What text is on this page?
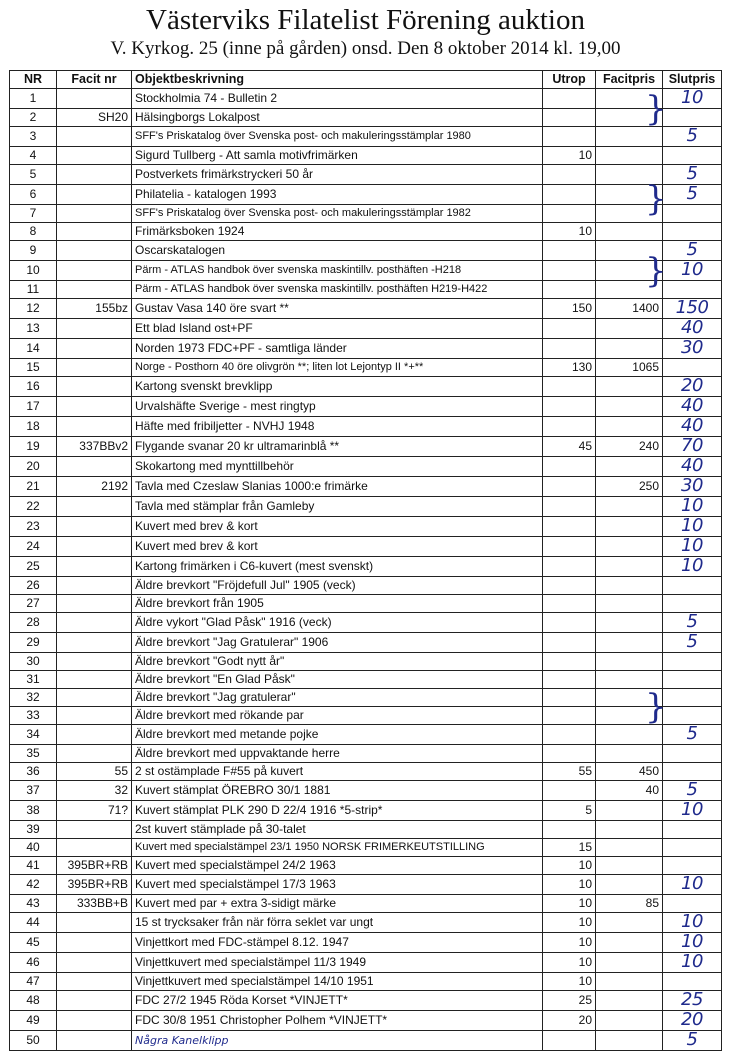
Västerviks Filatelist Förening auktion
V. Kyrkog. 25 (inne på gården) onsd. Den 8 oktober 2014 kl. 19,00
NR	Facit nr	Objektbeskrivning	Utrop	Facitpris	Slutpris
1		Stockholmia 74 - Bulletin 2			10
2	SH20	Hälsingborgs Lokalpost			
3		SFF's Priskatalog över Svenska post- och makuleringsstämplar 1980			5
4		Sigurd Tullberg - Att samla motivfrimärken	10		
5		Postverkets frimärkstryckeri 50 år			5
6		Philatelia - katalogen 1993			5
7		SFF's Priskatalog över Svenska post- och makuleringsstämplar 1982			
8		Frimärksboken 1924	10		
9		Oscarskatalogen			5
10		Pärm - ATLAS handbok över svenska maskintillv. posthäften -H218			10
11		Pärm - ATLAS handbok över svenska maskintillv. posthäften H219-H422			
12	155bz	Gustav Vasa 140 öre svart **	150	1400	150
13		Ett blad Island ost+PF			40
14		Norden 1973 FDC+PF - samtliga länder			30
15		Norge - Posthorn 40 öre olivgrön **; liten lot Lejontyp II *+**	130	1065	
16		Kartong svenskt brevklipp			20
17		Urvalshäfte Sverige - mest ringtyp			40
18		Häfte med fribiljetter - NVHJ 1948			40
19	337BBv2	Flygande svanar 20 kr ultramarinblå **	45	240	70
20		Skokartong med mynttillbehör			40
21	2192	Tavla med Czeslaw Slanias 1000:e frimärke		250	30
22		Tavla med stämplar från Gamleby			10
23		Kuvert med brev & kort			10
24		Kuvert med brev & kort			10
25		Kartong frimärken i C6-kuvert (mest svenskt)			10
26		Äldre brevkort "Fröjdefull Jul" 1905 (veck)			
27		Äldre brevkort från 1905			
28		Äldre vykort "Glad Påsk" 1916 (veck)			5
29		Äldre brevkort "Jag Gratulerar" 1906			5
30		Äldre brevkort "Godt nytt år"			
31		Äldre brevkort "En Glad Påsk"			
32		Äldre brevkort "Jag gratulerar"			
33		Äldre brevkort med rökande par			
34		Äldre brevkort med metande pojke			5
35		Äldre brevkort med uppvaktande herre			
36	55	2 st ostämplade F#55 på kuvert	55	450	
37	32	Kuvert stämplat ÖREBRO 30/1 1881		40	5
38	71?	Kuvert stämplat PLK 290 D 22/4 1916 *5-strip*	5		10
39		2st kuvert stämplade på 30-talet			
40		Kuvert med specialstämpel 23/1 1950 NORSK FRIMERKEUTSTILLING	15		
41	395BR+RB	Kuvert med specialstämpel 24/2 1963	10		
42	395BR+RB	Kuvert med specialstämpel 17/3 1963	10		10
43	333BB+B	Kuvert med par + extra 3-sidigt märke	10	85	
44		15 st trycksaker från när förra seklet var ungt	10		10
45		Vinjettkort med FDC-stämpel 8.12. 1947	10		10
46		Vinjettkuvert med specialstämpel 11/3 1949	10		10
47		Vinjettkuvert med specialstämpel 14/10 1951	10		
48		FDC 27/2 1945 Röda Korset *VINJETT*	25		25
49		FDC 30/8 1951 Christopher Polhem *VINJETT*	20		20
50		Några Kanelklipp			5
}
}
}
}
